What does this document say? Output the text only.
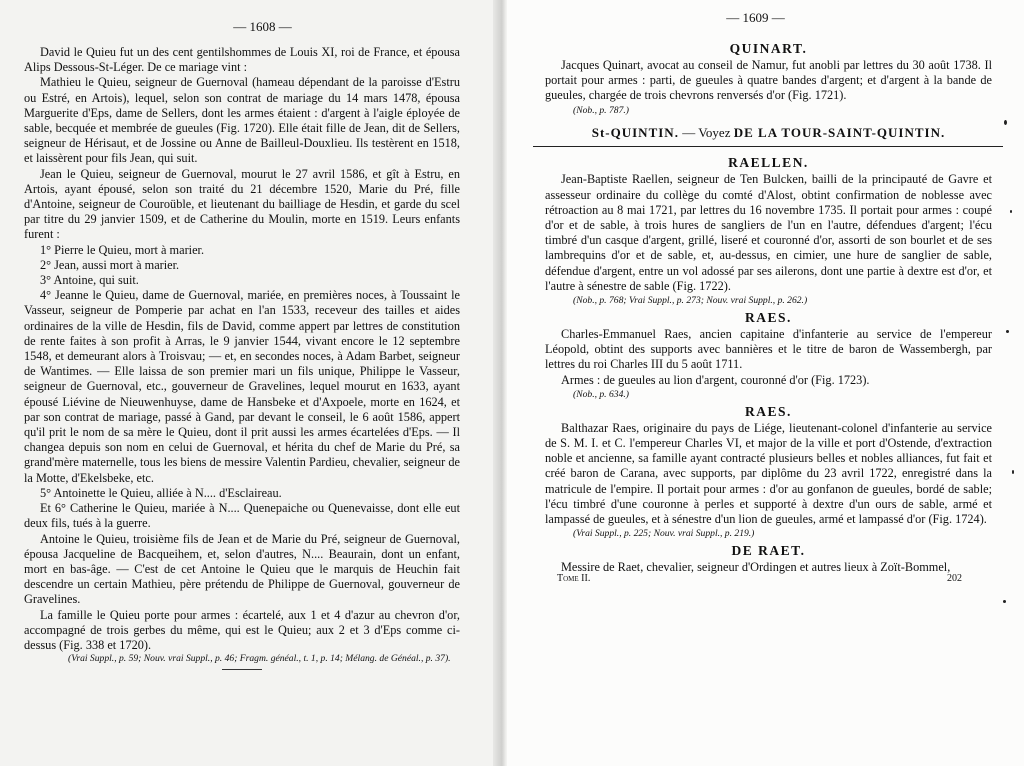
— 1608 —

David le Quieu fut un des cent gentilshommes de Louis XI, roi de France, et épousa Alips Dessous-St-Léger. De ce mariage vint :

Mathieu le Quieu, seigneur de Guernoval (hameau dépendant de la paroisse d'Estru ou Estré, en Artois), lequel, selon son contrat de mariage du 14 mars 1478, épousa Marguerite d'Eps, dame de Sellers, dont les armes étaient : d'argent à l'aigle éployée de sable, becquée et membrée de gueules (Fig. 1720). Elle était fille de Jean, dit de Sellers, seigneur de Hérisaut, et de Jossine ou Anne de Bailleul-Douxlieu. Ils testèrent en 1518, et laissèrent pour fils Jean, qui suit.

Jean le Quieu, seigneur de Guernoval, mourut le 27 avril 1586, et gît à Estru, en Artois, ayant épousé, selon son traité du 21 décembre 1520, Marie du Pré, fille d'Antoine, seigneur de Couroüble, et lieutenant du bailliage de Hesdin, et garde du scel par titre du 29 janvier 1509, et de Catherine du Moulin, morte en 1519. Leurs enfants furent :

1° Pierre le Quieu, mort à marier.

2° Jean, aussi mort à marier.

3° Antoine, qui suit.

4° Jeanne le Quieu, dame de Guernoval, mariée, en premières noces, à Toussaint le Vasseur, seigneur de Pomperie par achat en l'an 1533, receveur des tailles et aides ordinaires de la ville de Hesdin, fils de David, comme appert par lettres de constitution de rente faites à son profit à Arras, le 9 janvier 1544, vivant encore le 12 septembre 1548, et demeurant alors à Troisvau; — et, en secondes noces, à Adam Barbet, seigneur de Wantimes. — Elle laissa de son premier mari un fils unique, Philippe le Vasseur, seigneur de Guernoval, etc., gouverneur de Gravelines, lequel mourut en 1633, ayant épousé Liévine de Nieuwenhuyse, dame de Hansbeke et d'Axpoele, morte en 1624, et par son contrat de mariage, passé à Gand, par devant le conseil, le 6 août 1586, appert qu'il prit le nom de sa mère le Quieu, dont il prit aussi les armes écartelées d'Eps. — Il changea depuis son nom en celui de Guernoval, et hérita du chef de Marie du Pré, sa grand'mère maternelle, tous les biens de messire Valentin Pardieu, chevalier, seigneur de la Motte, d'Ekelsbeke, etc.

5° Antoinette le Quieu, alliée à N.... d'Esclaireau.

Et 6° Catherine le Quieu, mariée à N.... Quenepaiche ou Quenevaisse, dont elle eut deux fils, tués à la guerre.

Antoine le Quieu, troisième fils de Jean et de Marie du Pré, seigneur de Guernoval, épousa Jacqueline de Bacqueihem, et, selon d'autres, N.... Beaurain, dont un enfant, mort en bas-âge. — C'est de cet Antoine le Quieu que le marquis de Heuchin fait descendre un certain Mathieu, père prétendu de Philippe de Guernoval, gouverneur de Gravelines.

La famille le Quieu porte pour armes : écartelé, aux 1 et 4 d'azur au chevron d'or, accompagné de trois gerbes du même, qui est le Quieu; aux 2 et 3 d'Eps comme ci-dessus (Fig. 338 et 1720).

(Vrai Suppl., p. 59; Nouv. vrai Suppl., p. 46; Fragm. généal., t. 1, p. 14; Mélang. de Généal., p. 37).
— 1609 —
QUINART.

Jacques Quinart, avocat au conseil de Namur, fut anobli par lettres du 30 août 1738. Il portait pour armes : parti, de gueules à quatre bandes d'argent; et d'argent à la bande de gueules, chargée de trois chevrons renversés d'or (Fig. 1721).

(Nob., p. 787.)
St-QUINTIN. — Voyez DE LA TOUR-SAINT-QUINTIN.
RAELLEN.

Jean-Baptiste Raellen, seigneur de Ten Bulcken, bailli de la principauté de Gavre et assesseur ordinaire du collège du comté d'Alost, obtint confirmation de noblesse avec rétroaction au 8 mai 1721, par lettres du 16 novembre 1735. Il portait pour armes : coupé d'or et de sable, à trois hures de sangliers de l'un en l'autre, défendues d'argent; l'écu timbré d'un casque d'argent, grillé, liseré et couronné d'or, assorti de son bourlet et de ses lambrequins d'or et de sable, et, au-dessus, en cimier, une hure de sanglier de sable, défendue d'argent, entre un vol adossé par ses ailerons, dont une partie à dextre est d'or, et l'autre à sénestre de sable (Fig. 1722).

(Nob., p. 768; Vrai Suppl., p. 273; Nouv. vrai Suppl., p. 262.)
RAES.

Charles-Emmanuel Raes, ancien capitaine d'infanterie au service de l'empereur Léopold, obtint des supports avec bannières et le titre de baron de Wassembergh, par lettres du roi Charles III du 5 août 1711.

Armes : de gueules au lion d'argent, couronné d'or (Fig. 1723).

(Nob., p. 634.)
RAES.

Balthazar Raes, originaire du pays de Liége, lieutenant-colonel d'infanterie au service de S. M. I. et C. l'empereur Charles VI, et major de la ville et port d'Ostende, d'extraction noble et ancienne, sa famille ayant contracté plusieurs belles et nobles alliances, fut fait et créé baron de Carana, avec supports, par diplôme du 23 avril 1722, enregistré dans la matricule de l'empire. Il portait pour armes : d'or au gonfanon de gueules, bordé de sable; l'écu timbré d'une couronne à perles et supporté à dextre d'un ours de sable, armé et lampassé de gueules, et à sénestre d'un lion de gueules, armé et lampassé d'or (Fig. 1724).

(Vrai Suppl., p. 225; Nouv. vrai Suppl., p. 219.)
DE RAET.

Messire de Raet, chevalier, seigneur d'Ordingen et autres lieux à Zoït-Bommel,

Tome II.	202
